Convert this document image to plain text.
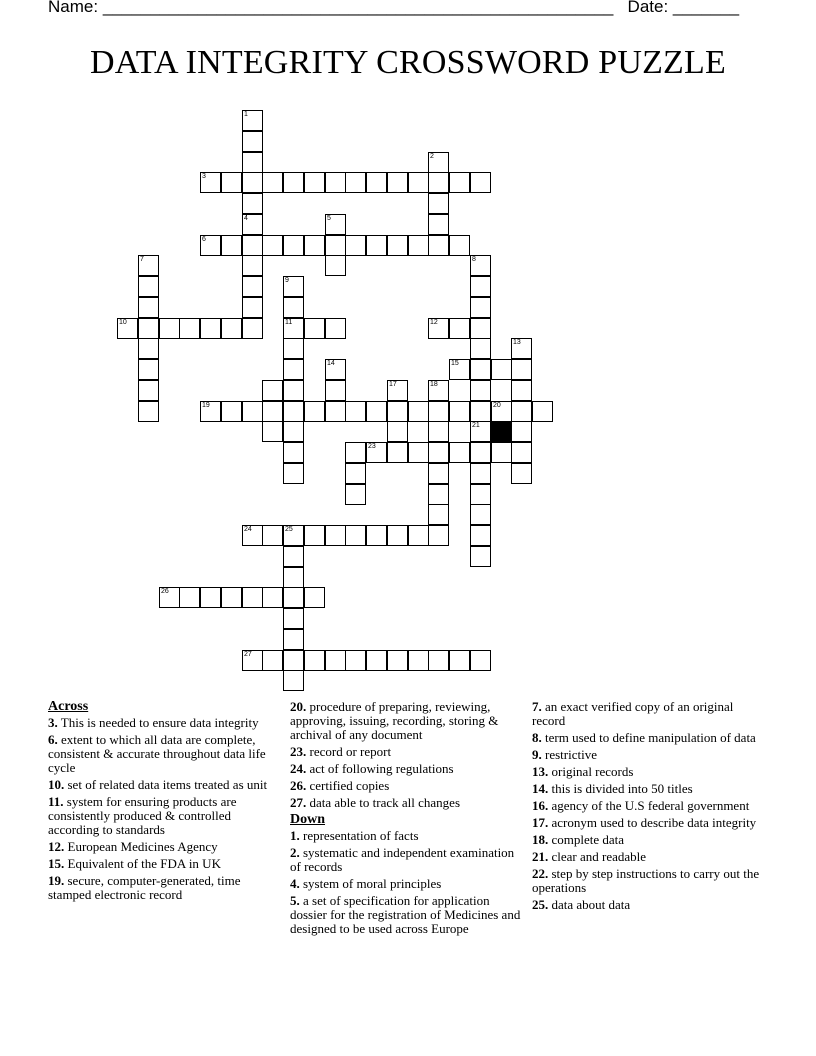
Name: ______________________________________________________ Date: _______
DATA INTEGRITY CROSSWORD PUZZLE
3
6
10	11	12
15
19	20
23
24	25
26
27
1
4
2
5
7	8
21
9
13
14
17	18
Across
3. This is needed to ensure data integrity
6. extent to which all data are complete, consistent & accurate throughout data life cycle
10. set of related data items treated as unit
11. system for ensuring products are consistently produced & controlled according to standards
12. European Medicines Agency
15. Equivalent of the FDA in UK
19. secure, computer-generated, time stamped electronic record
20. procedure of preparing, reviewing, approving, issuing, recording, storing & archival of any document
23. record or report
24. act of following regulations
26. certified copies
27. data able to track all changes
Down
1. representation of facts
2. systematic and independent examination of records
4. system of moral principles
5. a set of specification for application dossier for the registration of Medicines and designed to be used across Europe
7. an exact verified copy of an original record
8. term used to define manipulation of data
9. restrictive
13. original records
14. this is divided into 50 titles
16. agency of the U.S federal government
17. acronym used to describe data integrity
18. complete data
21. clear and readable
22. step by step instructions to carry out the operations
25. data about data
